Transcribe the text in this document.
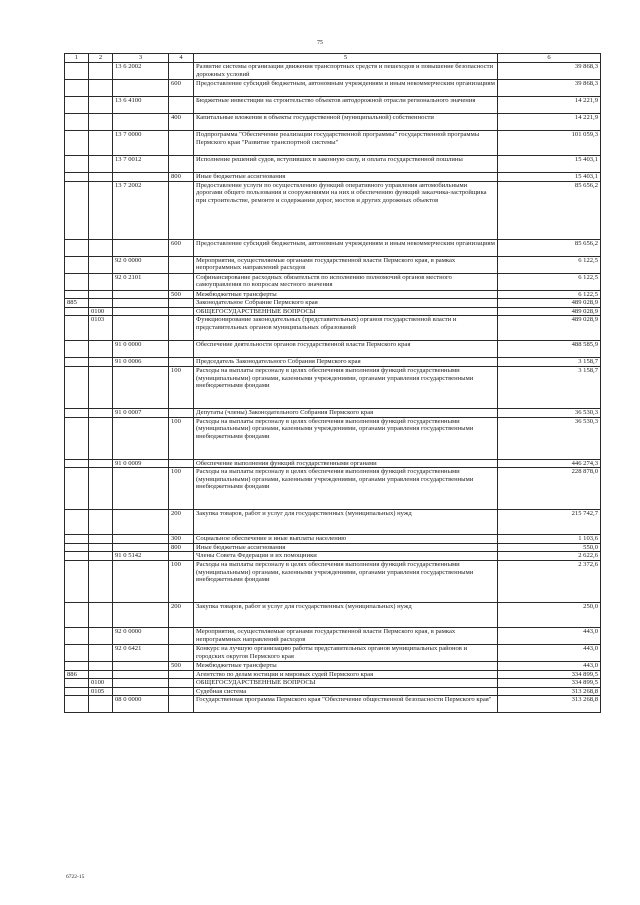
75
1	2	3	4	5	6
		13 6 2002		Развитие системы организации движения транспортных средств и пешеходов и повышение безопасности дорожных условий	39 868,3
			600	Предоставление субсидий бюджетным, автономным учреждениям и иным некоммерческим организациям	39 868,3
		13 6 4100		Бюджетные инвестиции на строительство объектов автодорожной отрасли регионального значения	14 221,9
			400	Капитальные вложения в объекты государственной (муниципальной) собственности	14 221,9
		13 7 0000		Подпрограмма "Обеспечение реализации государственной программы" государственной программы Пермского края "Развитие транспортной системы"	101 059,3
		13 7 0012		Исполнение решений судов, вступивших в законную силу, и оплата государственной пошлины	15 403,1
			800	Иные бюджетные ассигнования	15 403,1
		13 7 2002		Предоставление услуги по осуществлению функций оперативного управления автомобильными дорогами общего пользования и сооружениями на них и обеспечению функций заказчика-застройщика при строительстве, ремонте и содержании дорог, мостов и других дорожных объектов	85 656,2
			600	Предоставление субсидий бюджетным, автономным учреждениям и иным некоммерческим организациям	85 656,2
		92 0 0000		Мероприятия, осуществляемые органами государственной власти Пермского края, в рамках непрограммных направлений расходов	6 122,5
		92 0 2101		Софинансирование расходных обязательств по исполнению полномочий органов местного самоуправления по вопросам местного значения	6 122,5
			500	Межбюджетные трансферты	6 122,5
885				Законодательное Собрание Пермского края	489 028,9
	0100			ОБЩЕГОСУДАРСТВЕННЫЕ ВОПРОСЫ	489 028,9
	0103			Функционирование законодательных (представительных) органов государственной власти и представительных органов муниципальных образований	489 028,9
		91 0 0000		Обеспечение деятельности органов государственной власти Пермского края	488 585,9
		91 0 0006		Председатель Законодательного Собрания Пермского края	3 158,7
			100	Расходы на выплаты персоналу в целях обеспечения выполнения функций государственными (муниципальными) органами, казенными учреждениями, органами управления государственными внебюджетными фондами	3 158,7
		91 0 0007		Депутаты (члены) Законодательного Собрания Пермского края	36 530,3
			100	Расходы на выплаты персоналу в целях обеспечения выполнения функций государственными (муниципальными) органами, казенными учреждениями, органами управления государственными внебюджетными фондами	36 530,3
		91 0 0009		Обеспечение выполнения функций государственными органами	446 274,3
			100	Расходы на выплаты персоналу в целях обеспечения выполнения функций государственными (муниципальными) органами, казенными учреждениями, органами управления государственными внебюджетными фондами	228 878,0
			200	Закупка товаров, работ и услуг для государственных (муниципальных) нужд	215 742,7
			300	Социальное обеспечение и иные выплаты населению	1 103,6
			800	Иные бюджетные ассигнования	550,0
		91 0 5142		Члены Совета Федерации и их помощники	2 622,6
			100	Расходы на выплаты персоналу в целях обеспечения выполнения функций государственными (муниципальными) органами, казенными учреждениями, органами управления государственными внебюджетными фондами	2 372,6
			200	Закупка товаров, работ и услуг для государственных (муниципальных) нужд	250,0
		92 0 0000		Мероприятия, осуществляемые органами государственной власти Пермского края, в рамках непрограммных направлений расходов	443,0
		92 0 6421		Конкурс на лучшую организацию работы представительных органов муниципальных районов и городских округов Пермского края	443,0
			500	Межбюджетные трансферты	443,0
886				Агентство по делам юстиции и мировых судей Пермского края	334 899,5
	0100			ОБЩЕГОСУДАРСТВЕННЫЕ ВОПРОСЫ	334 899,5
	0105			Судебная система	313 268,8
		08 0 0000		Государственная программа Пермского края "Обеспечение общественной безопасности Пермского края"	313 268,8
6722-15
